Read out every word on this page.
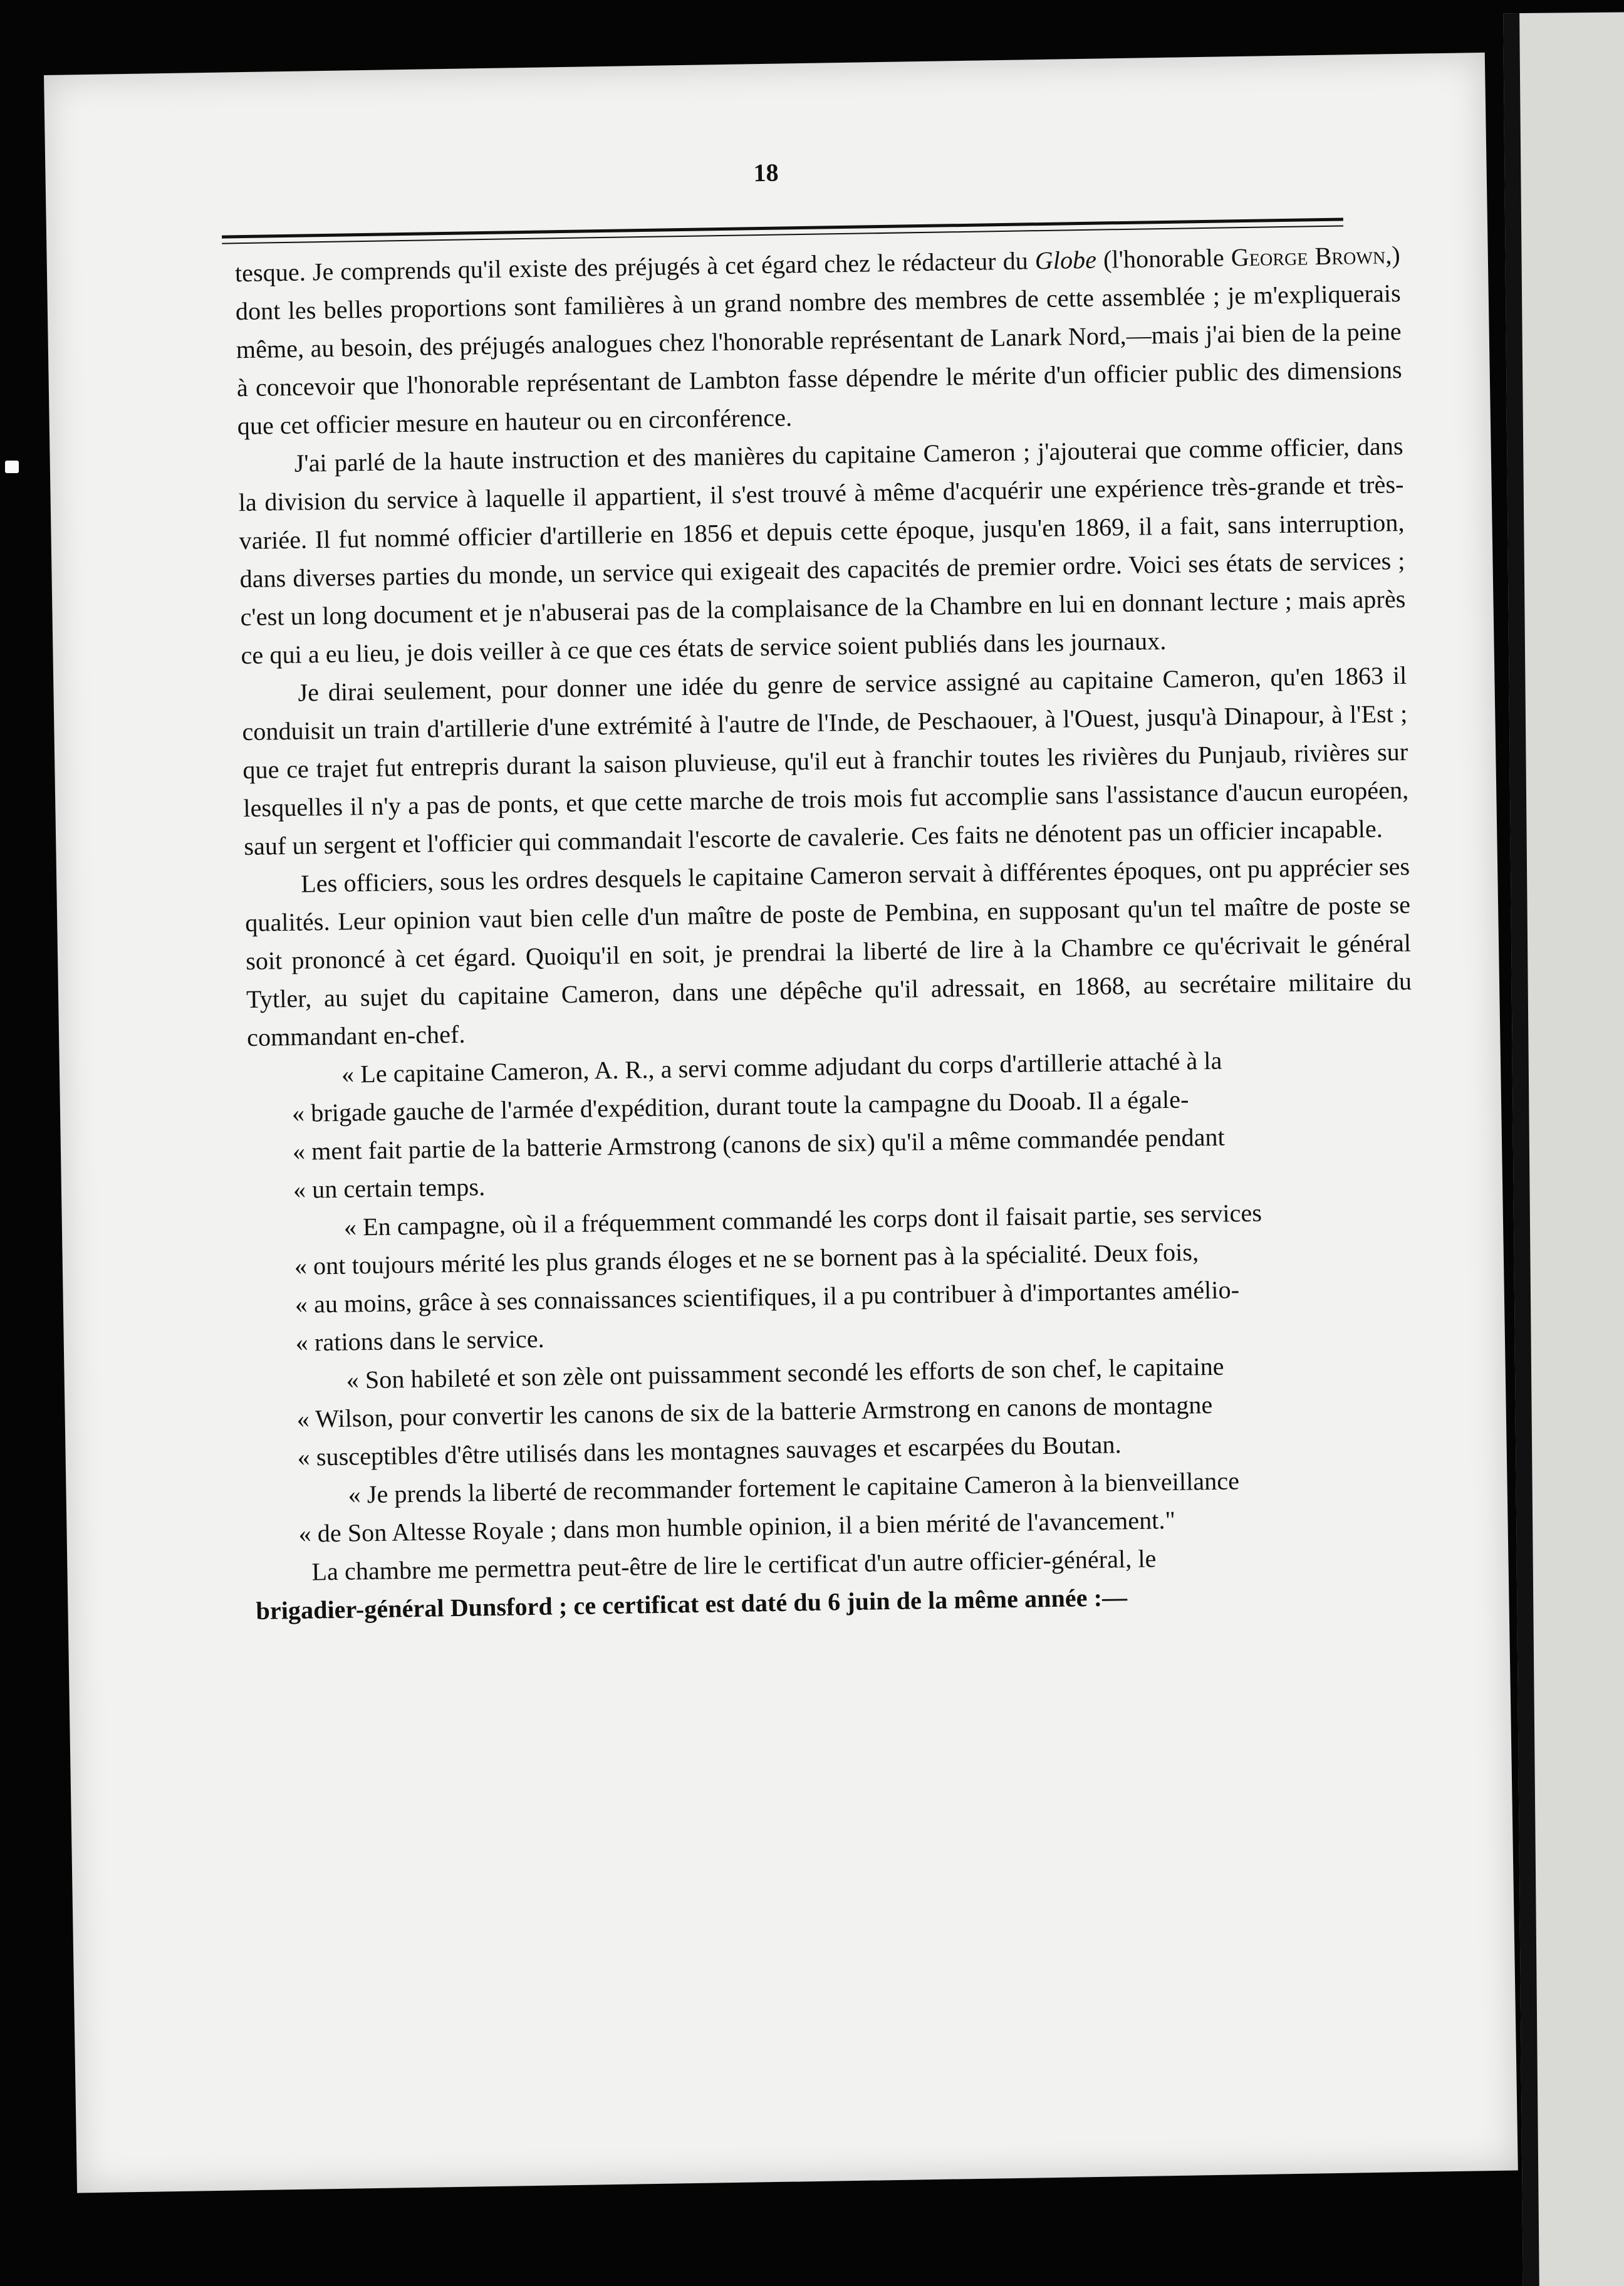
18

tesque. Je comprends qu'il existe des préjugés à cet égard chez le rédacteur du Globe (l'honorable George Brown,) dont les belles proportions sont familières à un grand nombre des membres de cette assemblée ; je m'expliquerais même, au besoin, des préjugés analogues chez l'honorable représentant de Lanark Nord,—mais j'ai bien de la peine à concevoir que l'honorable représentant de Lambton fasse dépendre le mérite d'un officier public des dimensions que cet officier mesure en hauteur ou en circonférence.

J'ai parlé de la haute instruction et des manières du capitaine Cameron ; j'ajouterai que comme officier, dans la division du service à laquelle il appartient, il s'est trouvé à même d'acquérir une expérience très-grande et très-variée. Il fut nommé officier d'artillerie en 1856 et depuis cette époque, jusqu'en 1869, il a fait, sans interruption, dans diverses parties du monde, un service qui exigeait des capacités de premier ordre. Voici ses états de services ; c'est un long document et je n'abuserai pas de la complaisance de la Chambre en lui en donnant lecture ; mais après ce qui a eu lieu, je dois veiller à ce que ces états de service soient publiés dans les journaux.

Je dirai seulement, pour donner une idée du genre de service assigné au capitaine Cameron, qu'en 1863 il conduisit un train d'artillerie d'une extrémité à l'autre de l'Inde, de Peschaouer, à l'Ouest, jusqu'à Dinapour, à l'Est ; que ce trajet fut entrepris durant la saison pluvieuse, qu'il eut à franchir toutes les rivières du Punjaub, rivières sur lesquelles il n'y a pas de ponts, et que cette marche de trois mois fut accomplie sans l'assistance d'aucun européen, sauf un sergent et l'officier qui commandait l'escorte de cavalerie. Ces faits ne dénotent pas un officier incapable.

Les officiers, sous les ordres desquels le capitaine Cameron servait à différentes époques, ont pu apprécier ses qualités. Leur opinion vaut bien celle d'un maître de poste de Pembina, en supposant qu'un tel maître de poste se soit prononcé à cet égard. Quoiqu'il en soit, je prendrai la liberté de lire à la Chambre ce qu'écrivait le général Tytler, au sujet du capitaine Cameron, dans une dépêche qu'il adressait, en 1868, au secrétaire militaire du commandant en-chef.

« Le capitaine Cameron, A. R., a servi comme adjudant du corps d'artillerie attaché à la
« brigade gauche de l'armée d'expédition, durant toute la campagne du Dooab. Il a égale-
« ment fait partie de la batterie Armstrong (canons de six) qu'il a même commandée pendant
« un certain temps.
« En campagne, où il a fréquemment commandé les corps dont il faisait partie, ses services
« ont toujours mérité les plus grands éloges et ne se bornent pas à la spécialité. Deux fois,
« au moins, grâce à ses connaissances scientifiques, il a pu contribuer à d'importantes amélio-
« rations dans le service.
« Son habileté et son zèle ont puissamment secondé les efforts de son chef, le capitaine
« Wilson, pour convertir les canons de six de la batterie Armstrong en canons de montagne
« susceptibles d'être utilisés dans les montagnes sauvages et escarpées du Boutan.
« Je prends la liberté de recommander fortement le capitaine Cameron à la bienveillance
« de Son Altesse Royale ; dans mon humble opinion, il a bien mérité de l'avancement."

La chambre me permettra peut-être de lire le certificat d'un autre officier-général, le

brigadier-général Dunsford ; ce certificat est daté du 6 juin de la même année :—
